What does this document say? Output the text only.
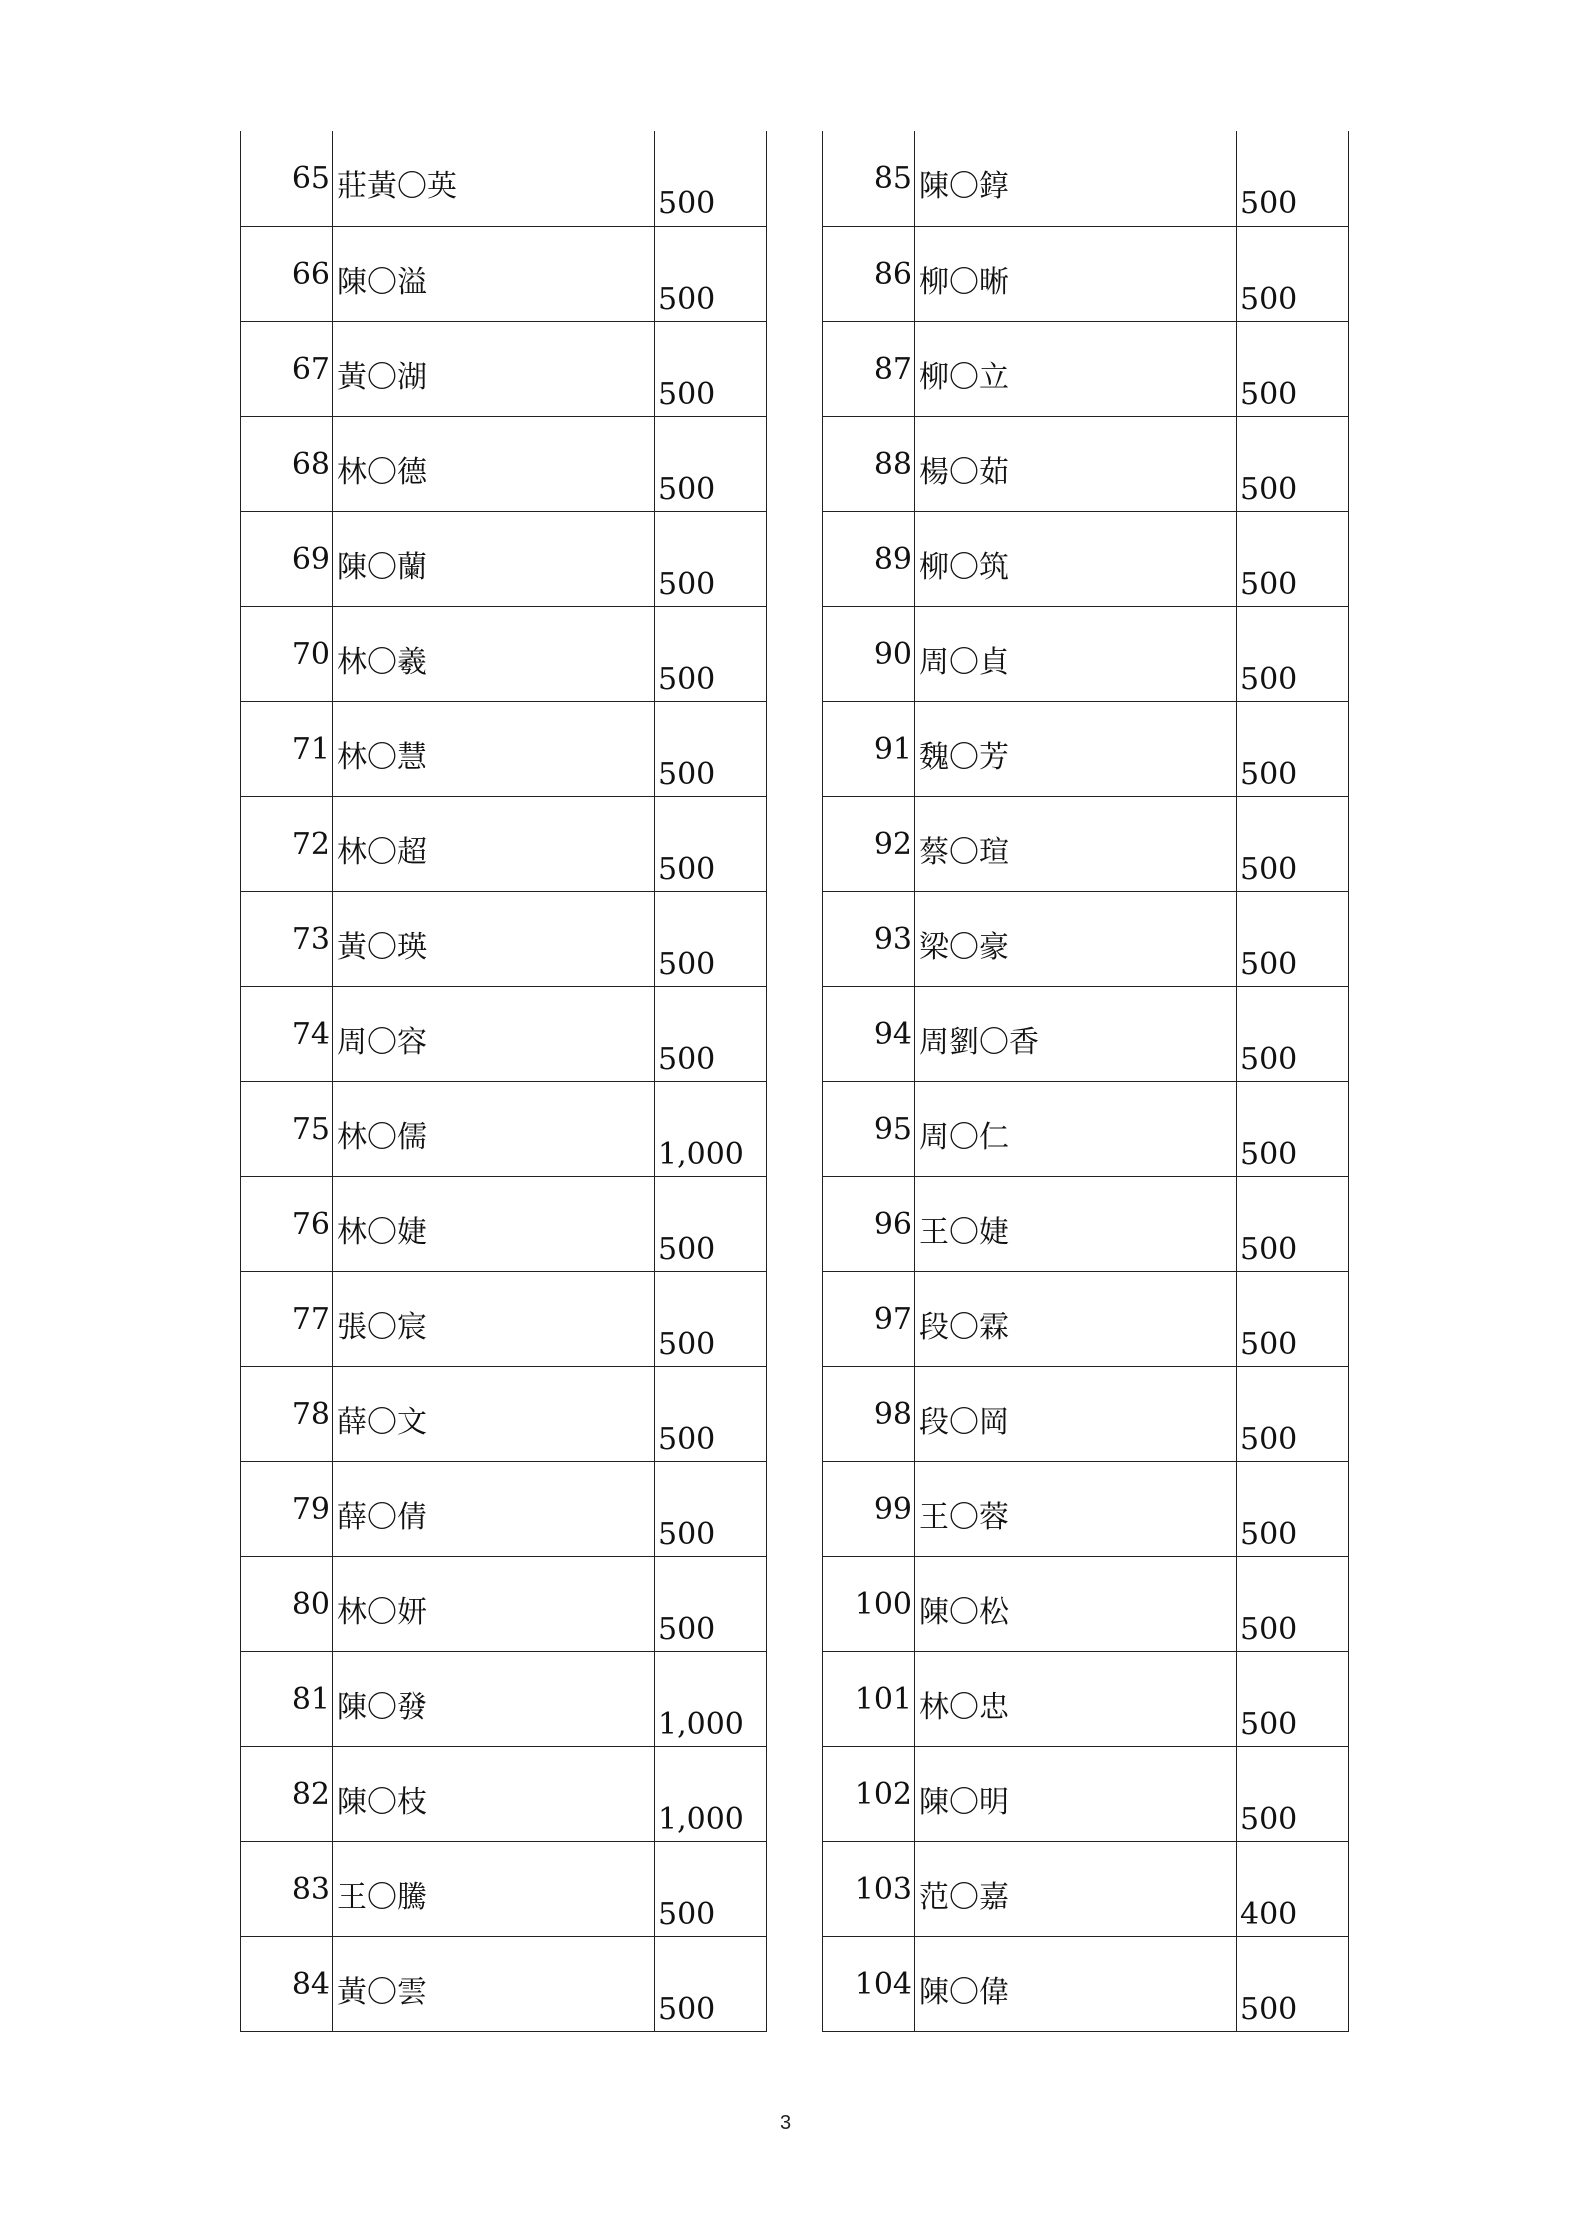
65	莊黃〇英	500
66	陳〇溢	500
67	黃〇湖	500
68	林〇德	500
69	陳〇蘭	500
70	林〇羲	500
71	林〇慧	500
72	林〇超	500
73	黃〇瑛	500
74	周〇容	500
75	林〇儒	1,000
76	林〇婕	500
77	張〇宸	500
78	薛〇文	500
79	薛〇倩	500
80	林〇妍	500
81	陳〇發	1,000
82	陳〇枝	1,000
83	王〇騰	500
84	黃〇雲	500
85	陳〇錞	500
86	柳〇晰	500
87	柳〇立	500
88	楊〇茹	500
89	柳〇筑	500
90	周〇貞	500
91	魏〇芳	500
92	蔡〇瑄	500
93	梁〇豪	500
94	周劉〇香	500
95	周〇仁	500
96	王〇婕	500
97	段〇霖	500
98	段〇岡	500
99	王〇蓉	500
100	陳〇松	500
101	林〇忠	500
102	陳〇明	500
103	范〇嘉	400
104	陳〇偉	500
3
